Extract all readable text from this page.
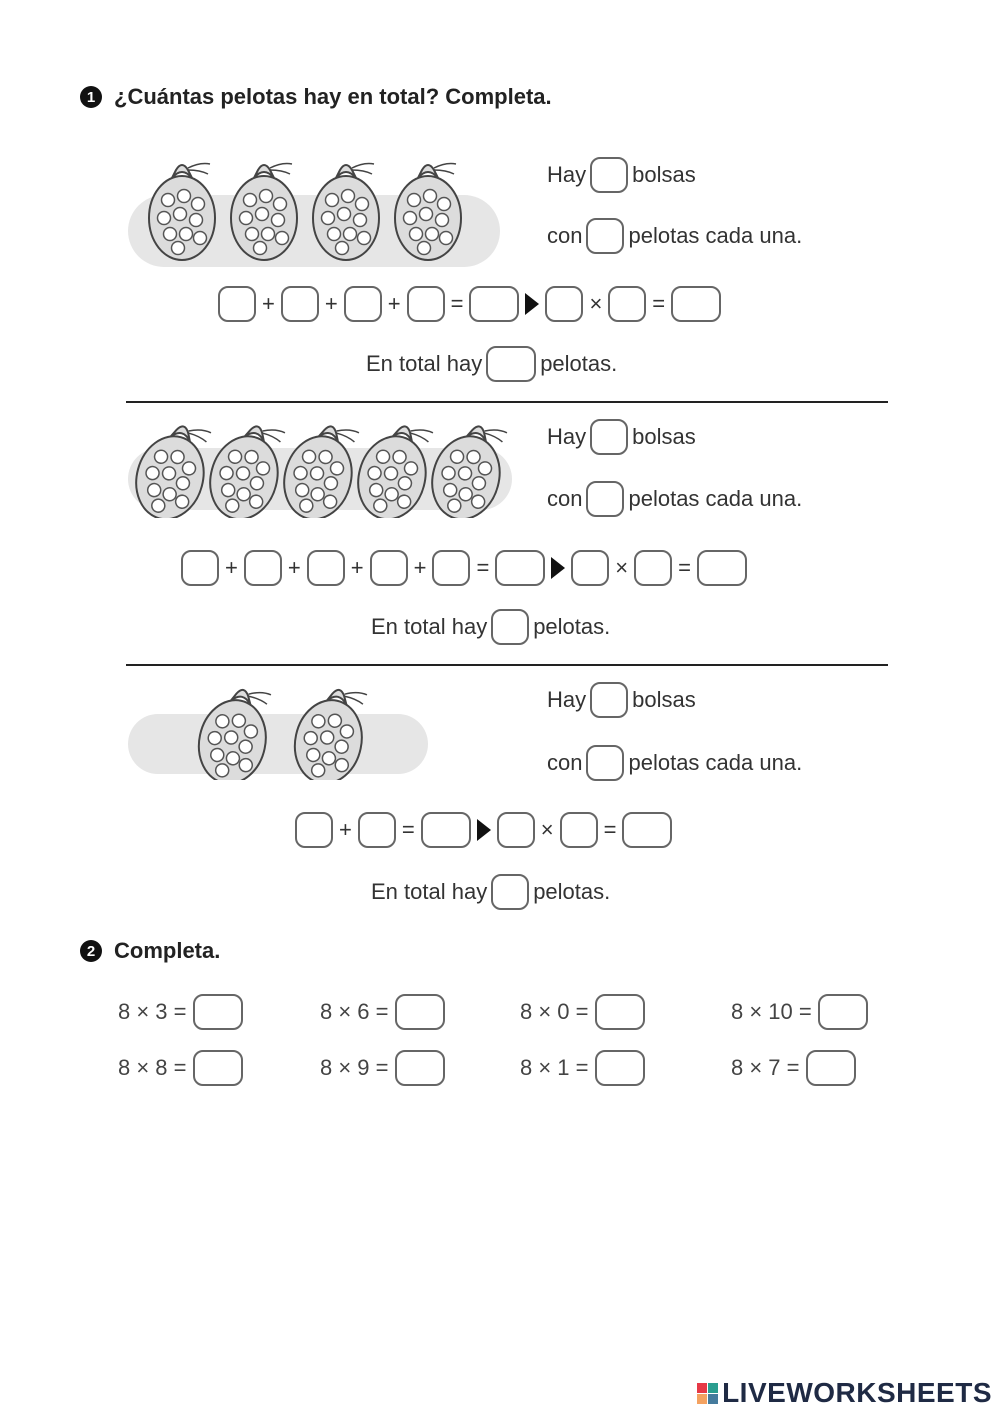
1 ¿Cuántas pelotas hay en total? Completa.
Hay bolsas
con pelotas cada una.
+ + + =	× =
En total hay	pelotas.
Hay bolsas
con pelotas cada una.
+ + + + =	× =
En total hay pelotas.
Hay bolsas
con pelotas cada una.
+ =	× =
En total hay pelotas.
2 Completa.
8 × 3 =	8 × 6 =	8 × 0 =	8 × 10 =
8 × 8 =	8 × 9 =	8 × 1 =	8 × 7 =
LIVEWORKSHEETS
